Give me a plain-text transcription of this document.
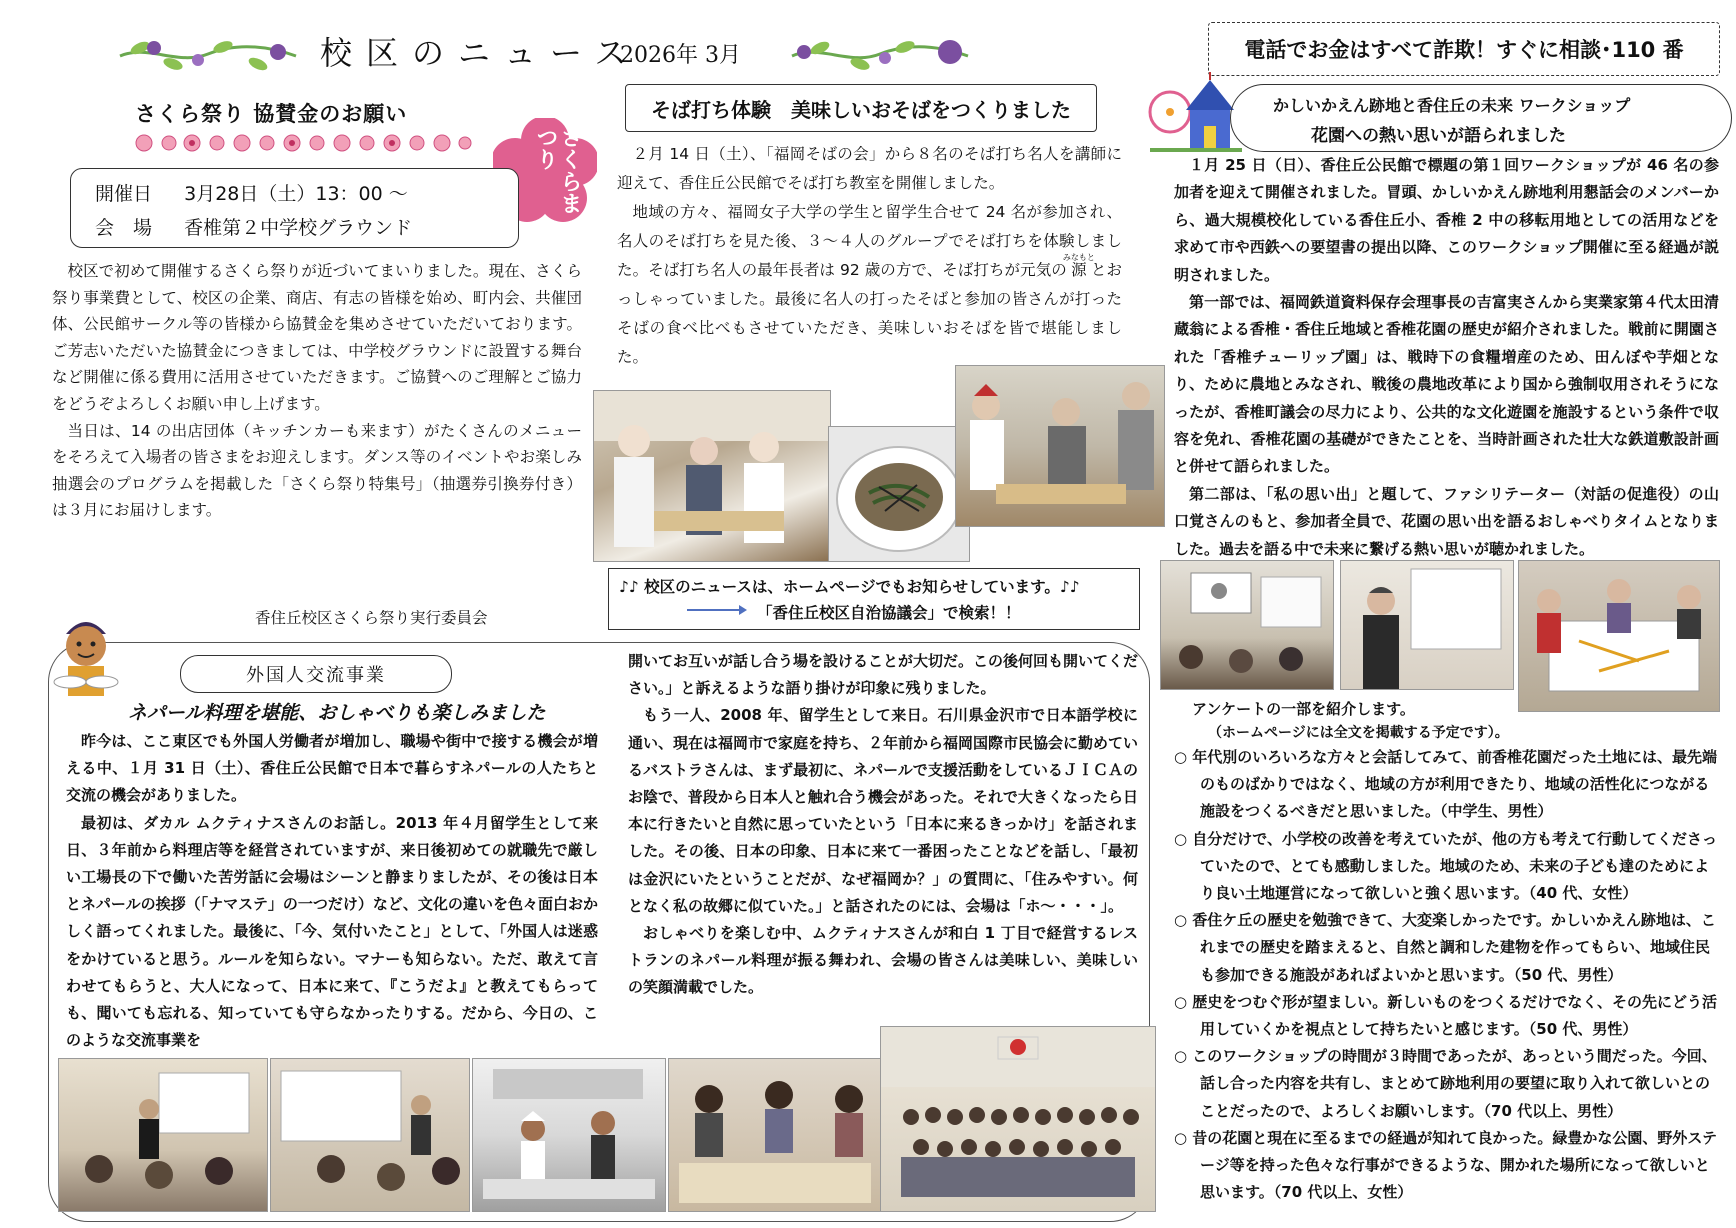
校区のニュース
2026年 3月	電話でお金はすべて詐欺！すぐに相談･110 番
さくら祭り 協賛金のお願い
さくらまつり
開催日 3月28日（土）13：00 ～
会　場 香椎第２中学校グラウンド

校区で初めて開催するさくら祭りが近づいてまいりました。現在、さくら祭り事業費として、校区の企業、商店、有志の皆様を始め、町内会、共催団体、公民館サークル等の皆様から協賛金を集めさせていただいております。ご芳志いただいた協賛金につきましては、中学校グラウンドに設置する舞台など開催に係る費用に活用させていただきます。ご協賛へのご理解とご協力をどうぞよろしくお願い申し上げます。

当日は、14 の出店団体（キッチンカーも来ます）がたくさんのメニューをそろえて入場者の皆さまをお迎えします。ダンス等のイベントやお楽しみ抽選会のプログラムを掲載した「さくら祭り特集号」（抽選券引換券付き）は３月にお届けします。

香住丘校区さくら祭り実行委員会
そば打ち体験　美味しいおそばをつくりました

２月 14 日（土）、「福岡そばの会」から８名のそば打ち名人を講師に迎えて、香住丘公民館でそば打ち教室を開催しました。

地域の方々、福岡女子大学の学生と留学生合せて 24 名が参加され、名人のそば打ちを見た後、３～４人のグループでそば打ちを体験しました。そば打ち名人の最年長者は 92 歳の方で、そば打ちが元気の源みなもととおっしゃっていました。最後に名人の打ったそばと参加の皆さんが打ったそばの食べ比べもさせていただき、美味しいおそばを皆で堪能しました。

♪♪ 校区のニュースは、ホームページでもお知らせしています。♪♪
「香住丘校区自治協議会」で検索！！
かしいかえん跡地と香住丘の未来 ワークショップ
花園への熱い思いが語られました

１月 25 日（日）、香住丘公民館で標題の第１回ワークショップが 46 名の参加者を迎えて開催されました。冒頭、かしいかえん跡地利用懇話会のメンバーから、過大規模校化している香住丘小、香椎 2 中の移転用地としての活用などを求めて市や西鉄への要望書の提出以降、このワークショップ開催に至る経過が説明されました。

第一部では、福岡鉄道資料保存会理事長の吉富実さんから実業家第４代太田清蔵翁による香椎・香住丘地域と香椎花園の歴史が紹介されました。戦前に開園された「香椎チューリップ園」は、戦時下の食糧増産のため、田んぼや芋畑となり、ために農地とみなされ、戦後の農地改革により国から強制収用されそうになったが、香椎町議会の尽力により、公共的な文化遊園を施設するという条件で収容を免れ、香椎花園の基礎ができたことを、当時計画された壮大な鉄道敷設計画と併せて語られました。

第二部は、「私の思い出」と題して、ファシリテーター（対話の促進役）の山口覚さんのもと、参加者全員で、花園の思い出を語るおしゃべりタイムとなりました。過去を語る中で未来に繋げる熱い思いが聴かれました。

アンケートの一部を紹介します。
（ホームページには全文を掲載する予定です）。
○ 年代別のいろいろな方々と会話してみて、前香椎花園だった土地には、最先端のものばかりではなく、地域の方が利用できたり、地域の活性化につながる施設をつくるべきだと思いました。（中学生、男性）
○ 自分だけで、小学校の改善を考えていたが、他の方も考えて行動してくださっていたので、とても感動しました。地域のため、未来の子ども達のためにより良い土地運営になって欲しいと強く思います。（40 代、女性）
○ 香住ケ丘の歴史を勉強できて、大変楽しかったです。かしいかえん跡地は、これまでの歴史を踏まえると、自然と調和した建物を作ってもらい、地域住民も参加できる施設があればよいかと思います。（50 代、男性）
○ 歴史をつむぐ形が望ましい。新しいものをつくるだけでなく、その先にどう活用していくかを視点として持ちたいと感じます。（50 代、男性）
○ このワークショップの時間が３時間であったが、あっという間だった。今回、話し合った内容を共有し、まとめて跡地利用の要望に取り入れて欲しいとのことだったので、よろしくお願いします。（70 代以上、男性）
○ 昔の花園と現在に至るまでの経過が知れて良かった。緑豊かな公園、野外ステージ等を持った色々な行事ができるような、開かれた場所になって欲しいと思います。（70 代以上、女性）
外国人交流事業
ネパール料理を堪能、おしゃべりも楽しみました

昨今は、ここ東区でも外国人労働者が増加し、職場や街中で接する機会が増える中、１月 31 日（土）、香住丘公民館で日本で暮らすネパールの人たちと交流の機会がありました。

最初は、ダカル ムクティナスさんのお話し。2013 年４月留学生として来日、３年前から料理店等を経営されていますが、来日後初めての就職先で厳しい工場長の下で働いた苦労話に会場はシーンと静まりましたが、その後は日本とネパールの挨拶（「ナマステ」の一つだけ）など、文化の違いを色々面白おかしく語ってくれました。最後に、「今、気付いたこと」として、「外国人は迷惑をかけていると思う。ルールを知らない。マナーも知らない。ただ、敢えて言わせてもらうと、大人になって、日本に来て、『こうだよ』と教えてもらっても、聞いても忘れる、知っていても守らなかったりする。だから、今日の、このような交流事業を

開いてお互いが話し合う場を設けることが大切だ。この後何回も開いてください。」と訴えるような語り掛けが印象に残りました。

もう一人、2008 年、留学生として来日。石川県金沢市で日本語学校に通い、現在は福岡市で家庭を持ち、２年前から福岡国際市民協会に勤めているバストラさんは、まず最初に、ネパールで支援活動をしているＪＩＣＡのお陰で、普段から日本人と触れ合う機会があった。それで大きくなったら日本に行きたいと自然に思っていたという「日本に来るきっかけ」を話されました。その後、日本の印象、日本に来て一番困ったことなどを話し、「最初は金沢にいたということだが、なぜ福岡か？」の質問に、「住みやすい。何となく私の故郷に似ていた。」と話されたのには、会場は「ホ～・・・」。

おしゃべりを楽しむ中、ムクティナスさんが和白 1 丁目で経営するレストランのネパール料理が振る舞われ、会場の皆さんは美味しい、美味しいの笑顔満載でした。
